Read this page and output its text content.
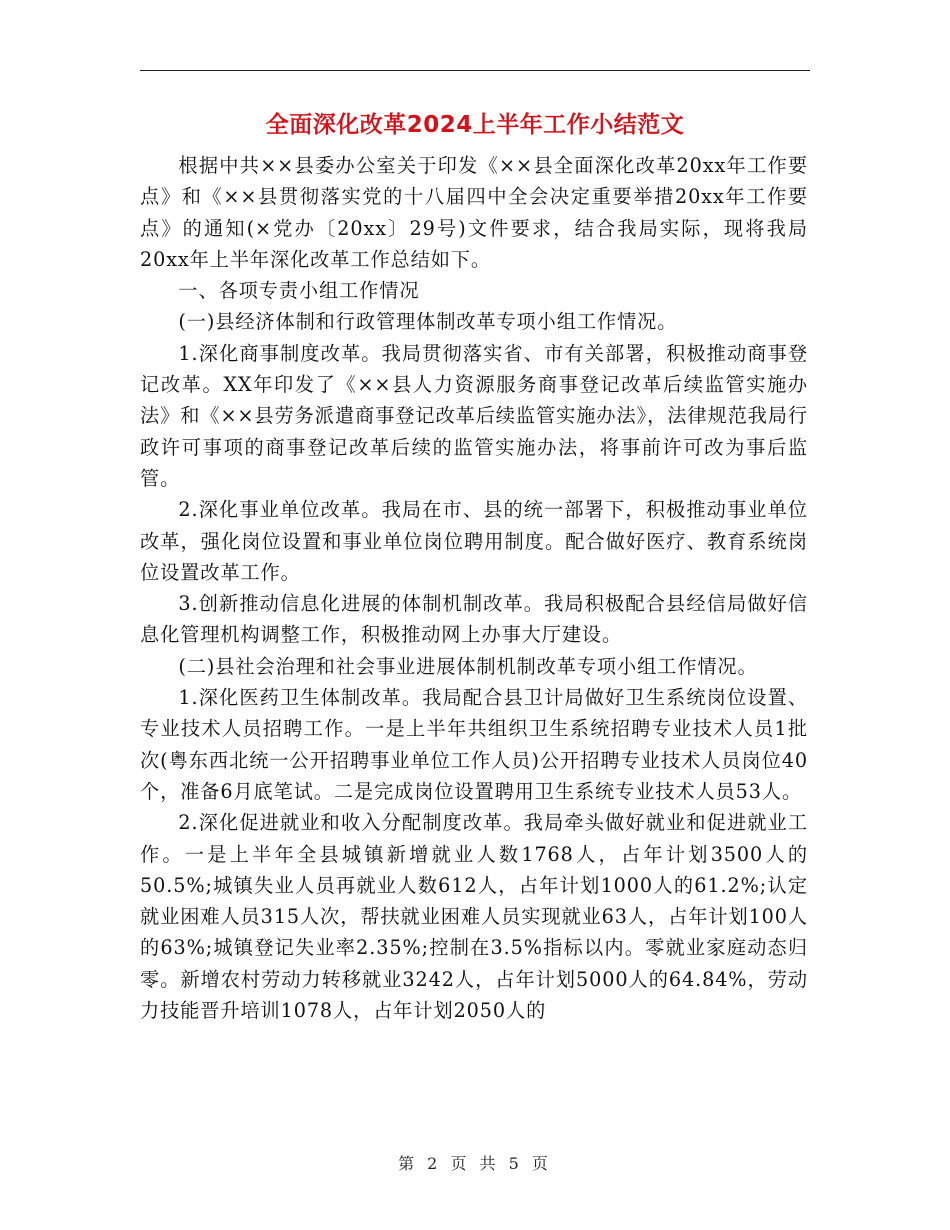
全面深化改革2024上半年工作小结范文

根据中共××县委办公室关于印发《××县全面深化改革20xx年工作要点》和《××县贯彻落实党的十八届四中全会决定重要举措20xx年工作要点》的通知(×党办〔20xx〕29号)文件要求，结合我局实际，现将我局20xx年上半年深化改革工作总结如下。

一、各项专责小组工作情况

(一)县经济体制和行政管理体制改革专项小组工作情况。

1.深化商事制度改革。我局贯彻落实省、市有关部署，积极推动商事登记改革。XX年印发了《××县人力资源服务商事登记改革后续监管实施办法》和《××县劳务派遣商事登记改革后续监管实施办法》，法律规范我局行政许可事项的商事登记改革后续的监管实施办法，将事前许可改为事后监管。

2.深化事业单位改革。我局在市、县的统一部署下，积极推动事业单位改革，强化岗位设置和事业单位岗位聘用制度。配合做好医疗、教育系统岗位设置改革工作。

3.创新推动信息化进展的体制机制改革。我局积极配合县经信局做好信息化管理机构调整工作，积极推动网上办事大厅建设。

(二)县社会治理和社会事业进展体制机制改革专项小组工作情况。

1.深化医药卫生体制改革。我局配合县卫计局做好卫生系统岗位设置、专业技术人员招聘工作。一是上半年共组织卫生系统招聘专业技术人员1批次(粤东西北统一公开招聘事业单位工作人员)公开招聘专业技术人员岗位40个，准备6月底笔试。二是完成岗位设置聘用卫生系统专业技术人员53人。

2.深化促进就业和收入分配制度改革。我局牵头做好就业和促进就业工作。一是上半年全县城镇新增就业人数1768人，占年计划3500人的50.5%;城镇失业人员再就业人数612人，占年计划1000人的61.2%;认定就业困难人员315人次，帮扶就业困难人员实现就业63人，占年计划100人的63%;城镇登记失业率2.35%;控制在3.5%指标以内。零就业家庭动态归零。新增农村劳动力转移就业3242人，占年计划5000人的64.84%，劳动力技能晋升培训1078人，占年计划2050人的

第 2 页 共 5 页
